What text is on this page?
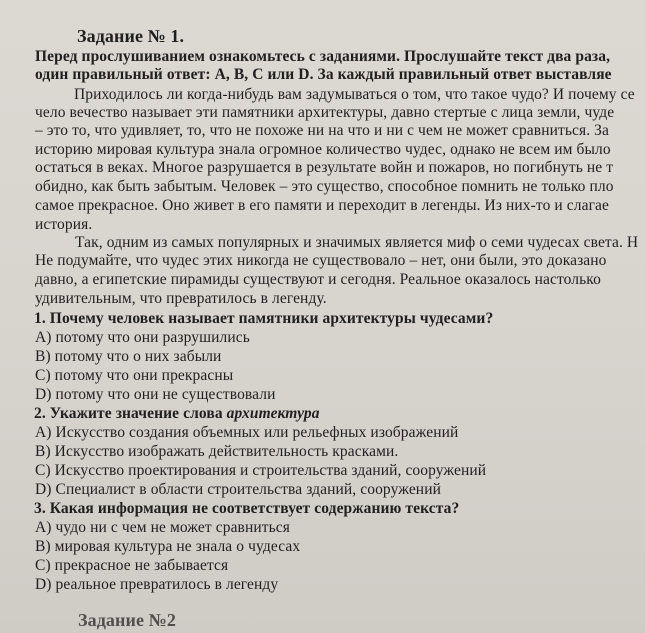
Задание № 1.
Перед прослушиванием ознакомьтесь с заданиями. Прослушайте текст два раза,
один правильный ответ: A, B, C или D. За каждый правильный ответ выставляе
Приходилось ли когда-нибудь вам задумываться о том, что такое чудо? И почему се
чело вечество называет эти памятники архитектуры, давно стертые с лица земли, чуде
– это то, что удивляет, то, что не похоже ни на что и ни с чем не может сравниться. За
историю мировая культура знала огромное количество чудес, однако не всем им было
остаться в веках. Многое разрушается в результате войн и пожаров, но погибнуть не т
обидно, как быть забытым. Человек – это существо, способное помнить не только пло
самое прекрасное. Оно живет в его памяти и переходит в легенды. Из них-то и слагае
история.
Так, одним из самых популярных и значимых является миф о семи чудесах света. Н
Не подумайте, что чудес этих никогда не существовало – нет, они были, это доказано
давно, а египетские пирамиды существуют и сегодня. Реальное оказалось настолько
удивительным, что превратилось в легенду.
1. Почему человек называет памятники архитектуры чудесами?
A) потому что они разрушились
B) потому что о них забыли
C) потому что они прекрасны
D) потому что они не существовали
2. Укажите значение слова архитектура
A) Искусство создания объемных или рельефных изображений
B) Искусство изображать действительность красками.
C) Искусство проектирования и строительства зданий, сооружений
D) Специалист в области строительства зданий, сооружений
3. Какая информация не соответствует содержанию текста?
A) чудо ни с чем не может сравниться
B) мировая культура не знала о чудесах
C) прекрасное не забывается
D) реальное превратилось в легенду
Задание №2
